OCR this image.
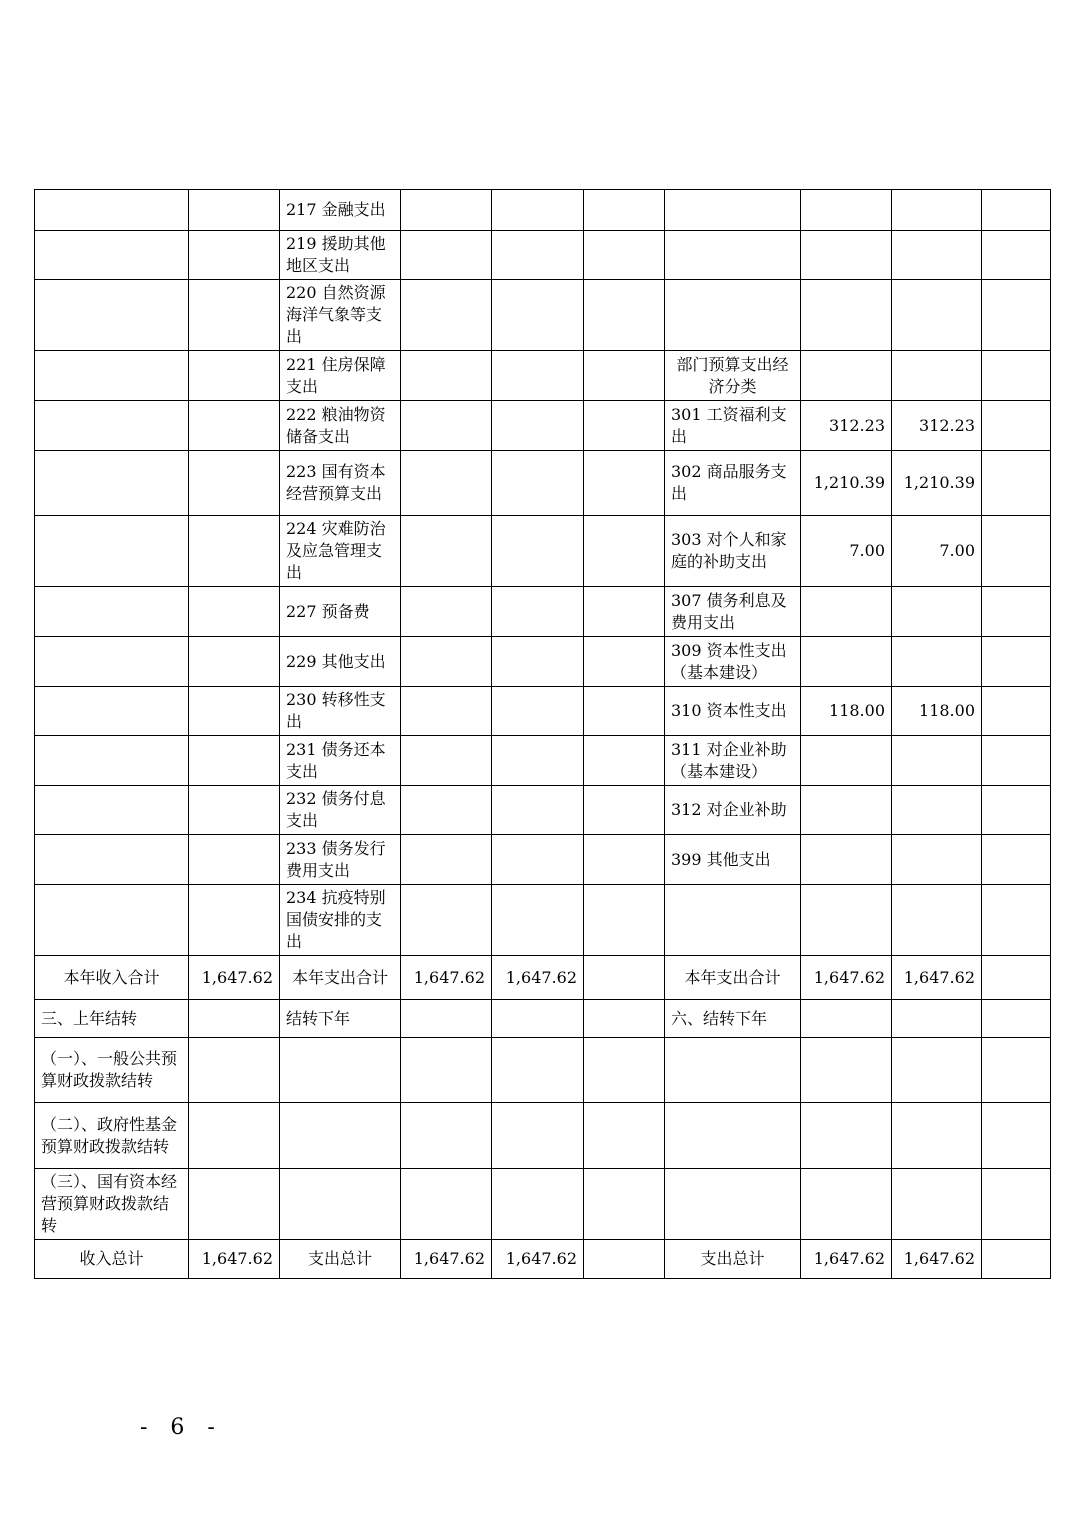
		217 金融支出							
		219 援助其他地区支出							
		220 自然资源海洋气象等支出							
		221 住房保障支出				部门预算支出经济分类			
		222 粮油物资储备支出				301 工资福利支出	312.23	312.23	
		223 国有资本经营预算支出				302 商品服务支出	1,210.39	1,210.39	
		224 灾难防治及应急管理支出				303 对个人和家庭的补助支出	7.00	7.00	
		227 预备费				307 债务利息及费用支出			
		229 其他支出				309 资本性支出（基本建设）			
		230 转移性支出				310 资本性支出	118.00	118.00	
		231 债务还本支出				311 对企业补助（基本建设）			
		232 债务付息支出				312 对企业补助			
		233 债务发行费用支出				399 其他支出			
		234 抗疫特别国债安排的支出							
本年收入合计	1,647.62	本年支出合计	1,647.62	1,647.62		本年支出合计	1,647.62	1,647.62	
三、上年结转		结转下年				六、结转下年			
（一）、一般公共预算财政拨款结转									
（二）、政府性基金预算财政拨款结转									
（三）、国有资本经营预算财政拨款结转									
收入总计	1,647.62	支出总计	1,647.62	1,647.62		支出总计	1,647.62	1,647.62	
- 6 -
